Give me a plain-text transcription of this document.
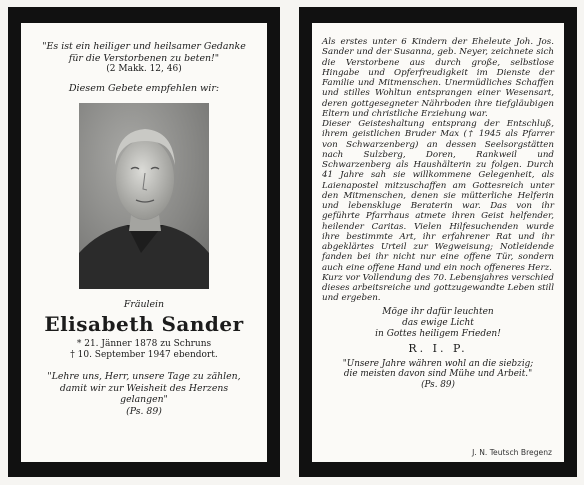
"Es ist ein heiliger und heilsamer Gedanke
für die Verstorbenen zu beten!"
(2 Makk. 12, 46)
Diesem Gebete empfehlen wir:
Fräulein
Elisabeth Sander
* 21. Jänner 1878 zu Schruns
† 10. September 1947 ebendort.
"Lehre uns, Herr, unsere Tage zu zählen,
damit wir zur Weisheit des Herzens gelangen"
(Ps. 89)

Als erstes unter 6 Kindern der Eheleute Joh. Jos. Sander und der Susanna, geb. Neyer, zeichnete sich die Verstorbene aus durch große, selbstlose Hingabe und Opferfreudigkeit im Dienste der Familie und Mitmenschen. Unermüdliches Schaffen und stilles Wohltun entsprangen einer Wesensart, deren gottgesegneter Nährboden ihre tiefgläubigen Eltern und christliche Erziehung war.

Dieser Geisteshaltung entsprang der Entschluß, ihrem geistlichen Bruder Max († 1945 als Pfarrer von Schwarzenberg) an dessen Seelsorgstätten nach Sulzberg, Doren, Rankweil und Schwarzenberg als Haushälterin zu folgen. Durch 41 Jahre sah sie willkommene Gelegenheit, als Laienapostel mitzuschaffen am Gottesreich unter den Mitmenschen, denen sie mütterliche Helferin und lebenskluge Beraterin war. Das von ihr geführte Pfarrhaus atmete ihren Geist helfender, heilender Caritas. Vielen Hilfesuchenden wurde ihre bestimmte Art, ihr erfahrener Rat und ihr abgeklärtes Urteil zur Wegweisung; Notleidende fanden bei ihr nicht nur eine offene Tür, sondern auch eine offene Hand und ein noch offeneres Herz.

Kurz vor Vollendung des 70. Lebensjahres verschied dieses arbeitsreiche und gottzugewandte Leben still und ergeben.

Möge ihr dafür leuchten
das ewige Licht
in Gottes heiligem Frieden!
R. I. P.
"Unsere Jahre währen wohl an die siebzig;
die meisten davon sind Mühe und Arbeit."
(Ps. 89)
J. N. Teutsch Bregenz
